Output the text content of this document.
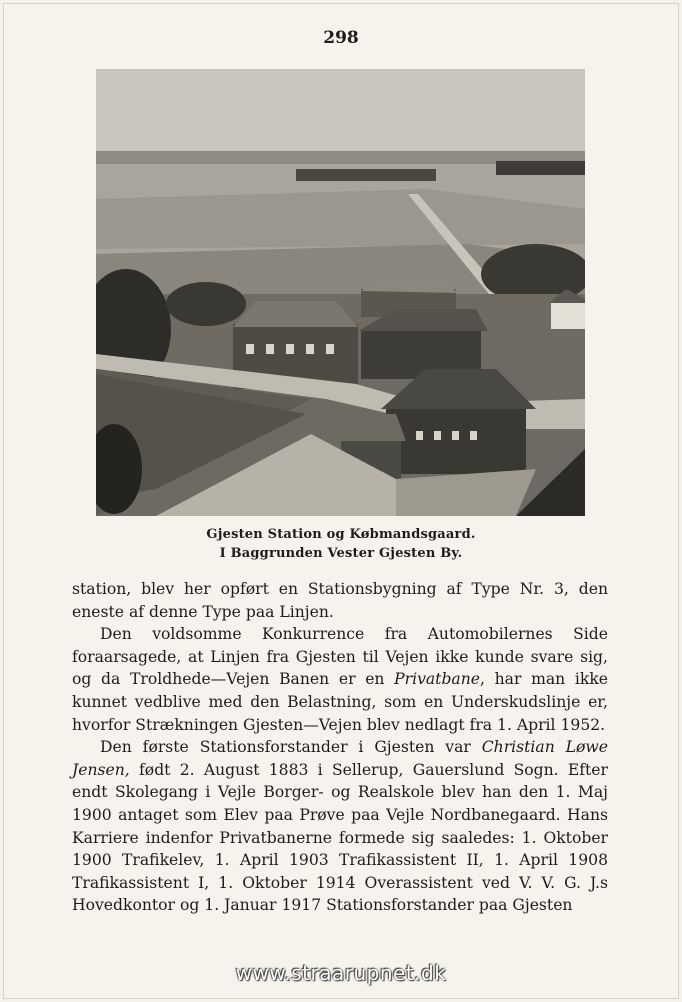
298
Gjesten Station og Købmandsgaard.
I Baggrunden Vester Gjesten By.

station, blev her opført en Stationsbygning af Type Nr. 3, den eneste af denne Type paa Linjen.

Den voldsomme Konkurrence fra Automobilernes Side foraarsagede, at Linjen fra Gjesten til Vejen ikke kunde svare sig, og da Troldhede—Vejen Banen er en Privatbane, har man ikke kunnet vedblive med den Belastning, som en Underskudslinje er, hvorfor Strækningen Gjesten—Vejen blev nedlagt fra 1. April 1952.

Den første Stationsforstander i Gjesten var Christian Løwe Jensen, født 2. August 1883 i Sellerup, Gauerslund Sogn. Efter endt Skolegang i Vejle Borger- og Realskole blev han den 1. Maj 1900 antaget som Elev paa Prøve paa Vejle Nordbanegaard. Hans Karriere indenfor Privatbanerne formede sig saaledes: 1. Oktober 1900 Trafikelev, 1. April 1903 Trafikassistent II, 1. April 1908 Trafikassistent I, 1. Oktober 1914 Overassistent ved V. V. G. J.s Hovedkontor og 1. Januar 1917 Stationsforstander paa Gjesten

www.straarupnet.dk
